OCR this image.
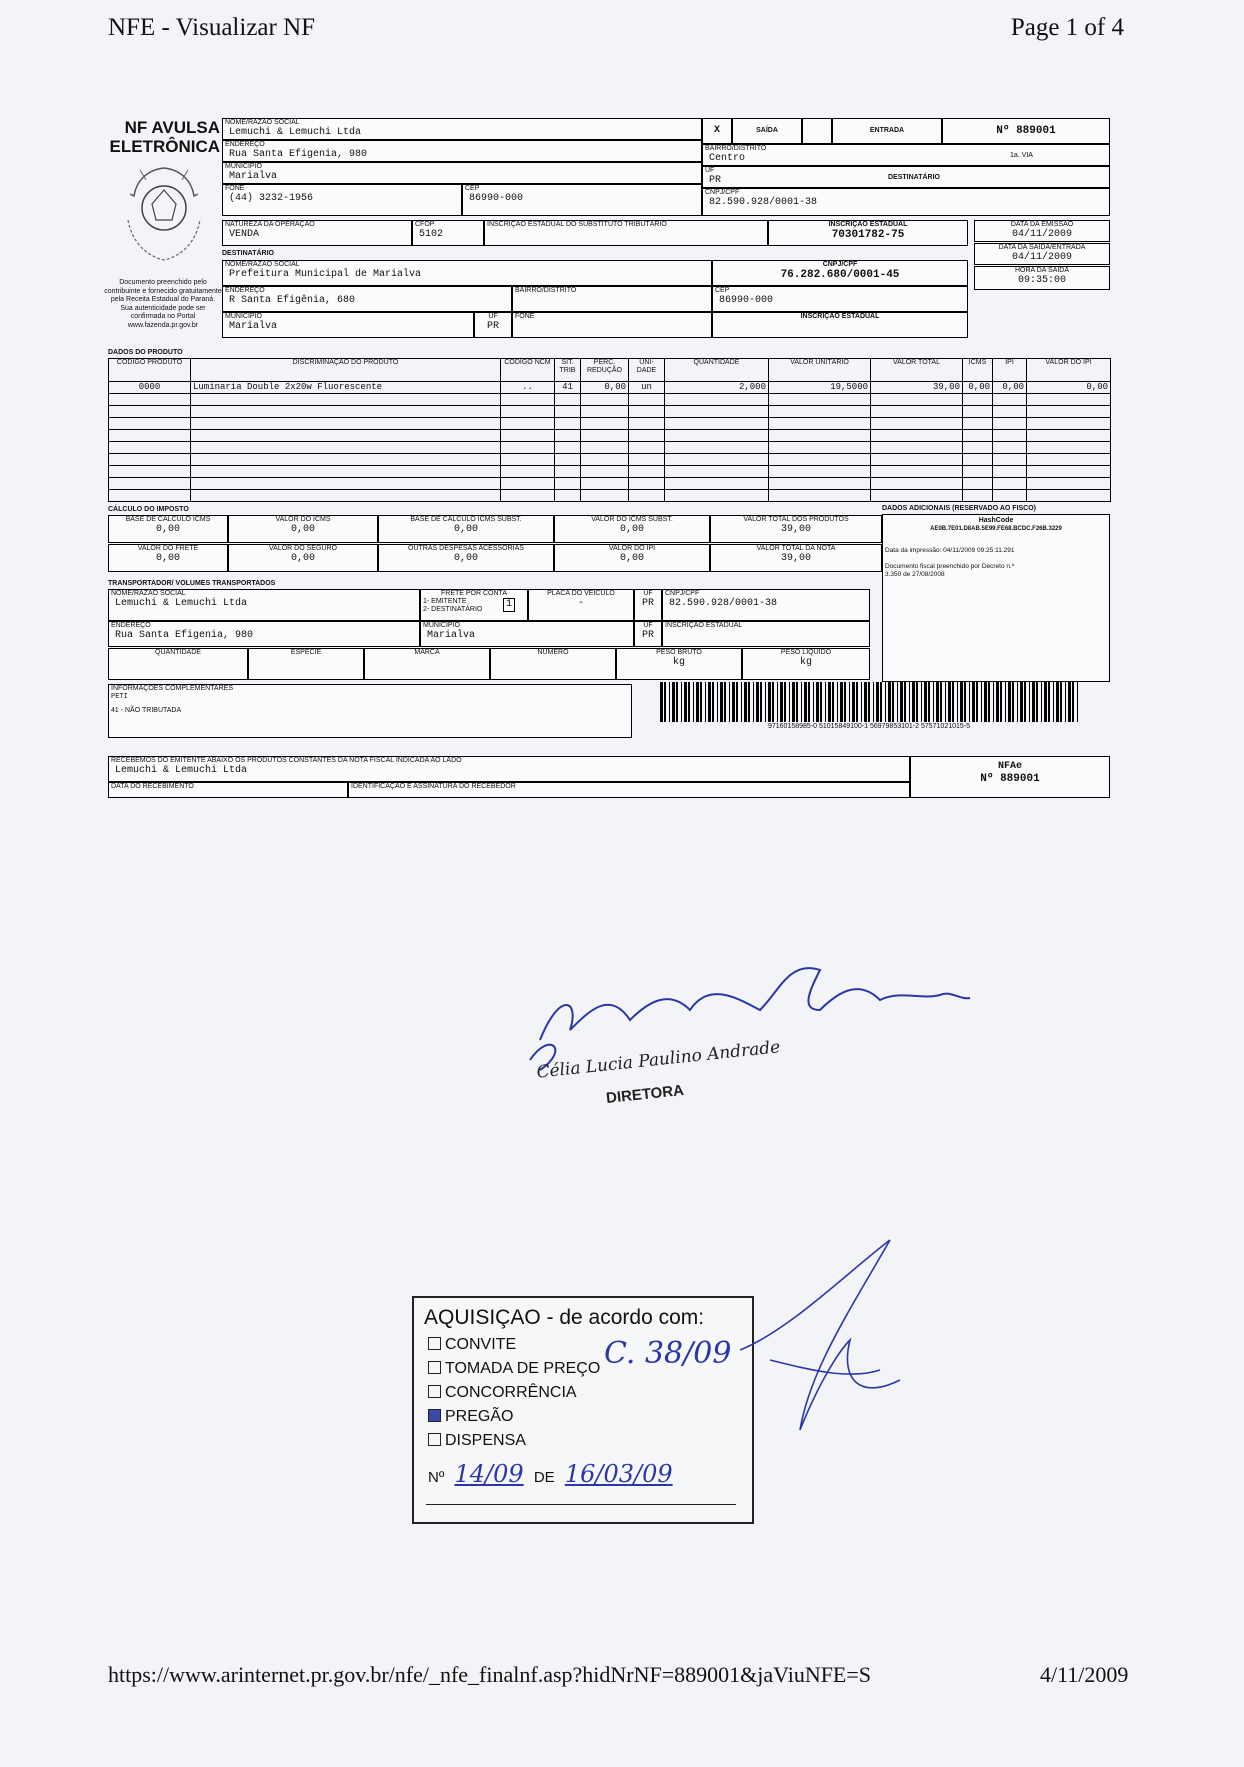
NFE - Visualizar NF	Page 1 of 4
NF AVULSA
ELETRÔNICA
Documento preenchido pelo contribuinte e fornecido gratuitamente pela Receita Estadual do Paraná. Sua autenticidade pode ser confirmada no Portal www.fazenda.pr.gov.br
NOME/RAZÃO SOCIAL
Lemuchi & Lemuchi Ltda
ENDEREÇO
Rua Santa Efigenia, 980
MUNICÍPIO
Marialva
FONE
(44) 3232-1956
CEP
86990-000
X	SAÍDA	ENTRADA	Nº 889001
BAIRRO/DISTRITO
Centro	1a. VIA
UF
PR	DESTINATÁRIO
CNPJ/CPF
82.590.928/0001-38
NATUREZA DA OPERAÇÃO
VENDA
CFOP
5102
INSCRIÇÃO ESTADUAL DO SUBSTITUTO TRIBUTÁRIO	INSCRIÇÃO ESTADUAL
70301782-75
DATA DA EMISSÃO
04/11/2009
DATA DA SAÍDA/ENTRADA
04/11/2009
HORA DA SAÍDA
09:35:00
DESTINATÁRIO
NOME/RAZÃO SOCIAL
Prefeitura Municipal de Marialva
CNPJ/CPF
76.282.680/0001-45
ENDEREÇO
R Santa Efigênia, 680
BAIRRO/DISTRITO	CEP
86990-000
MUNICÍPIO
Marialva
UF
PR
FONE	INSCRIÇÃO ESTADUAL
DADOS DO PRODUTO
CÓDIGO PRODUTO	DISCRIMINAÇÃO DO PRODUTO	CÓDIGO NCM	SIT. TRIB	PERC. REDUÇÃO	UNI-DADE	QUANTIDADE	VALOR UNITÁRIO	VALOR TOTAL	ICMS	IPI	VALOR DO IPI
0000	Luminaria Double 2x20w Fluorescente	..	41	0,00	un	2,000	19,5000	39,00	0,00	0,00	0,00

CÁLCULO DO IMPOSTO
BASE DE CÁLCULO ICMS
0,00
VALOR DO ICMS
0,00
BASE DE CÁLCULO ICMS SUBST.
0,00
VALOR DO ICMS SUBST.
0,00
VALOR TOTAL DOS PRODUTOS
39,00
VALOR DO FRETE
0,00
VALOR DO SEGURO
0,00
OUTRAS DESPESAS ACESSÓRIAS
0,00
VALOR DO IPI
0,00
VALOR TOTAL DA NOTA
39,00
DADOS ADICIONAIS (RESERVADO AO FISCO)
HashCode
AE0B.7E01.D8AB.5E99.FE68.BCDC.F26B.3229
Data da impressão: 04/11/2009 09:25:11.291
Documento fiscal preenchido por Decreto n.º 3.350 de 27/08/2008
TRANSPORTADOR/ VOLUMES TRANSPORTADOS
NOME/RAZÃO SOCIAL
Lemuchi & Lemuchi Ltda
FRETE POR CONTA
1- EMITENTE
2- DESTINATÁRIO	1
PLACA DO VEÍCULO
-
UF
PR
CNPJ/CPF
82.590.928/0001-38
ENDEREÇO
Rua Santa Efigenia, 980
MUNICÍPIO
Marialva
UF
PR
INSCRIÇÃO ESTADUAL
QUANTIDADE	ESPÉCIE	MARCA	NÚMERO	PESO BRUTO
kg
PESO LÍQUIDO
kg
INFORMAÇÕES COMPLEMENTARES
PETI
41 - NÃO TRIBUTADA
97160158985-0 51015849100-1 56979853101-2 57571021015-5
RECEBEMOS DO EMITENTE ABAIXO OS PRODUTOS CONSTANTES DA NOTA FISCAL INDICADA AO LADO
Lemuchi & Lemuchi Ltda
DATA DO RECEBIMENTO	IDENTIFICAÇÃO E ASSINATURA DO RECEBEDOR
NFAe
Nº 889001
Célia Lucia Paulino Andrade
DIRETORA
AQUISIÇAO - de acordo com:
CONVITE
TOMADA DE PREÇO
CONCORRÊNCIA
PREGÃO
DISPENSA
C. 38/09
Nº 14/09 DE 16/03/09
https://www.arinternet.pr.gov.br/nfe/_nfe_finalnf.asp?hidNrNF=889001&jaViuNFE=S	4/11/2009
